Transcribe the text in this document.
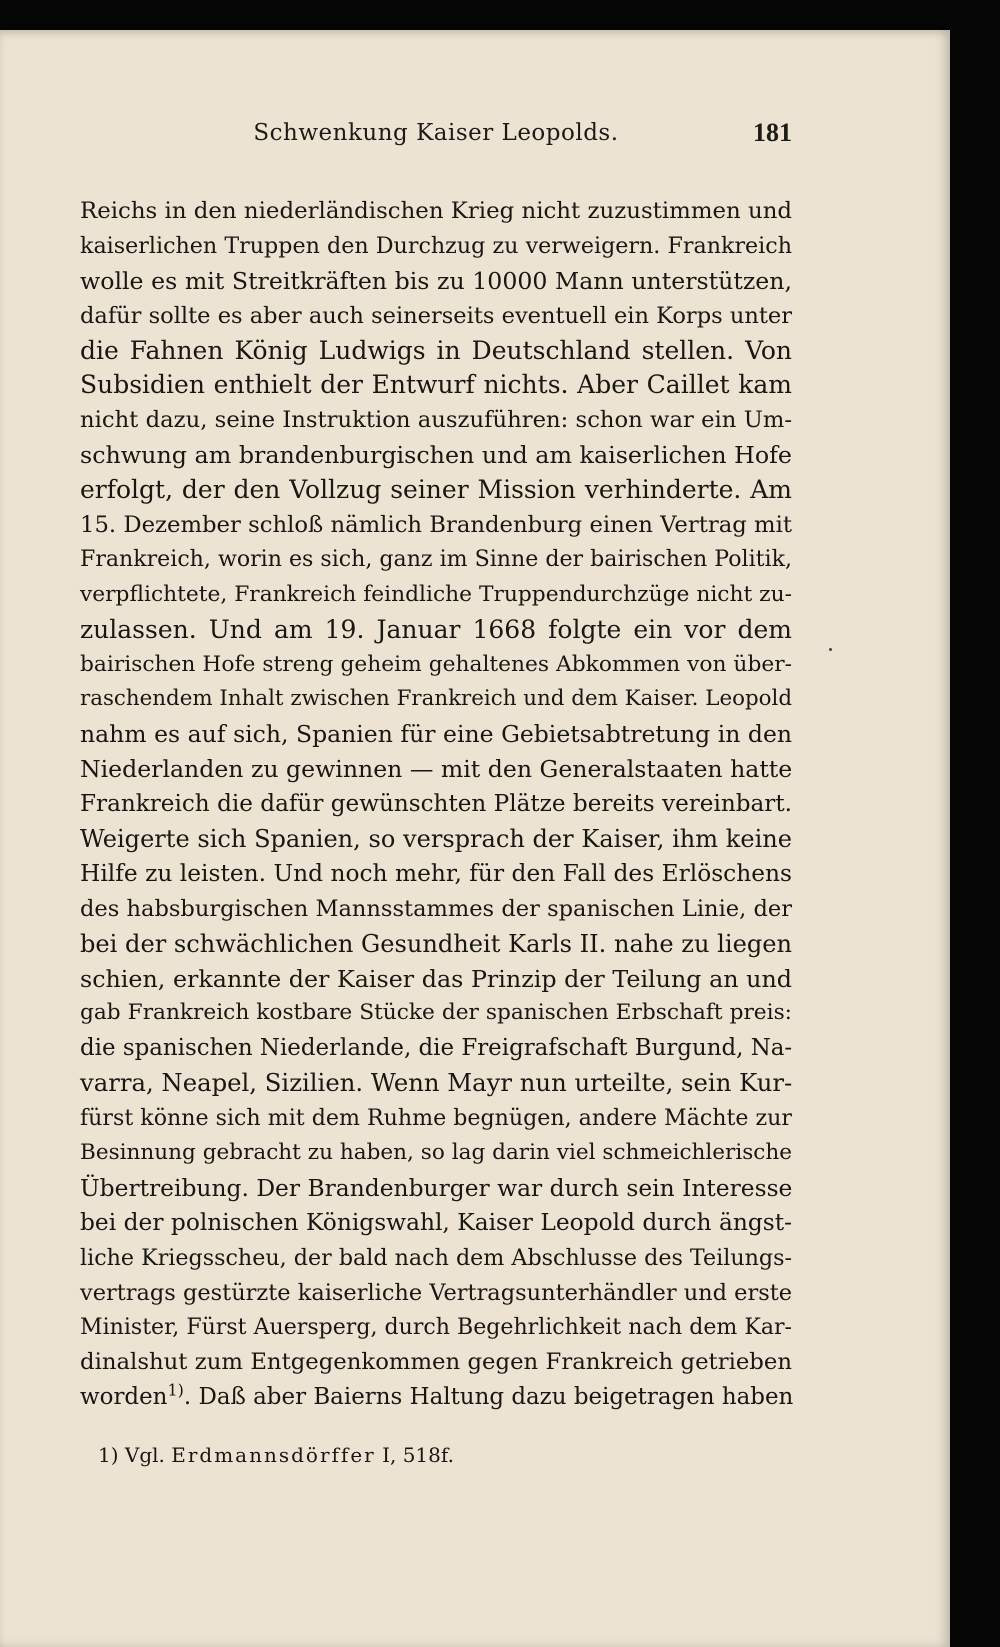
Schwenkung Kaiser Leopolds.	181
Reichs in den niederländischen Krieg nicht zuzustimmen und
kaiserlichen Truppen den Durchzug zu verweigern. Frankreich
wolle es mit Streitkräften bis zu 10000 Mann unterstützen,
dafür sollte es aber auch seinerseits eventuell ein Korps unter
die Fahnen König Ludwigs in Deutschland stellen. Von
Subsidien enthielt der Entwurf nichts. Aber Caillet kam
nicht dazu, seine Instruktion auszuführen: schon war ein Um-
schwung am brandenburgischen und am kaiserlichen Hofe
erfolgt, der den Vollzug seiner Mission verhinderte. Am
15. Dezember schloß nämlich Brandenburg einen Vertrag mit
Frankreich, worin es sich, ganz im Sinne der bairischen Politik,
verpflichtete, Frankreich feindliche Truppendurchzüge nicht zu-
zulassen. Und am 19. Januar 1668 folgte ein vor dem
bairischen Hofe streng geheim gehaltenes Abkommen von über-
raschendem Inhalt zwischen Frankreich und dem Kaiser. Leopold
nahm es auf sich, Spanien für eine Gebietsabtretung in den
Niederlanden zu gewinnen — mit den Generalstaaten hatte
Frankreich die dafür gewünschten Plätze bereits vereinbart.
Weigerte sich Spanien, so versprach der Kaiser, ihm keine
Hilfe zu leisten. Und noch mehr, für den Fall des Erlöschens
des habsburgischen Mannsstammes der spanischen Linie, der
bei der schwächlichen Gesundheit Karls II. nahe zu liegen
schien, erkannte der Kaiser das Prinzip der Teilung an und
gab Frankreich kostbare Stücke der spanischen Erbschaft preis:
die spanischen Niederlande, die Freigrafschaft Burgund, Na-
varra, Neapel, Sizilien. Wenn Mayr nun urteilte, sein Kur-
fürst könne sich mit dem Ruhme begnügen, andere Mächte zur
Besinnung gebracht zu haben, so lag darin viel schmeichlerische
Übertreibung. Der Brandenburger war durch sein Interesse
bei der polnischen Königswahl, Kaiser Leopold durch ängst-
liche Kriegsscheu, der bald nach dem Abschlusse des Teilungs-
vertrags gestürzte kaiserliche Vertragsunterhändler und erste
Minister, Fürst Auersperg, durch Begehrlichkeit nach dem Kar-
dinalshut zum Entgegenkommen gegen Frankreich getrieben
worden$^{1)}$. Daß aber Baierns Haltung dazu beigetragen haben
1) Vgl. Erdmannsdörffer I, 518f.
